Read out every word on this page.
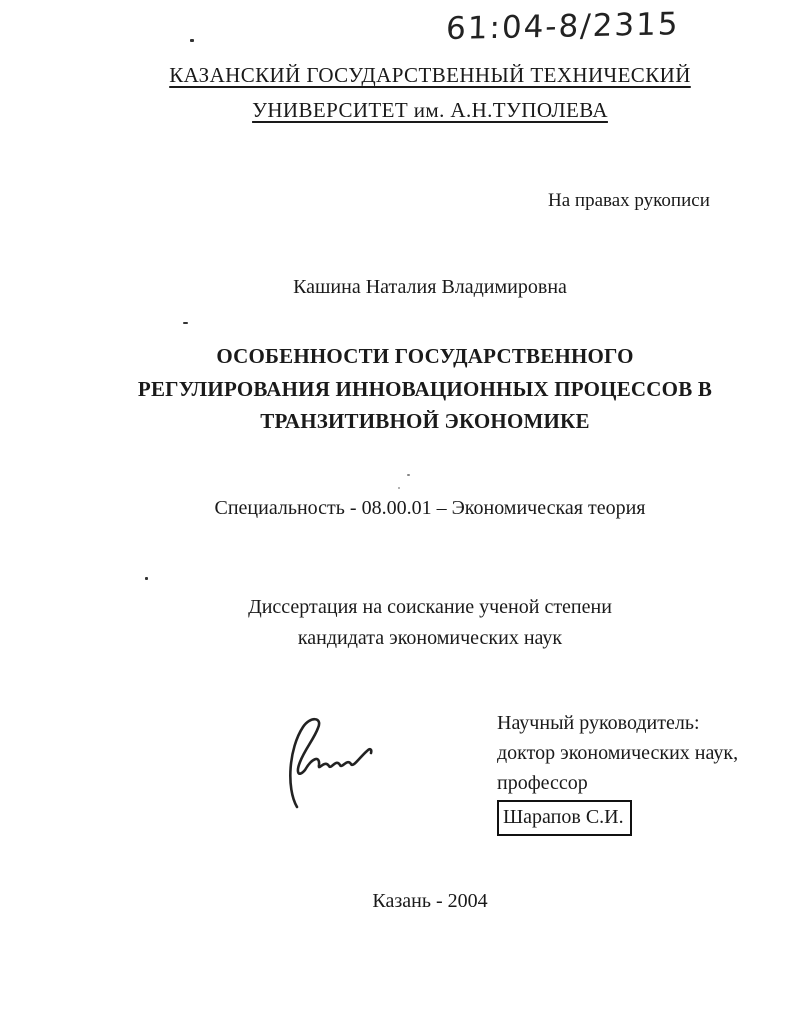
61:04-8/2315
КАЗАНСКИЙ ГОСУДАРСТВЕННЫЙ ТЕХНИЧЕСКИЙ
УНИВЕРСИТЕТ им. А.Н.ТУПОЛЕВА
На правах рукописи
Кашина Наталия Владимировна
ОСОБЕННОСТИ ГОСУДАРСТВЕННОГО
РЕГУЛИРОВАНИЯ ИННОВАЦИОННЫХ ПРОЦЕССОВ В
ТРАНЗИТИВНОЙ ЭКОНОМИКЕ
Специальность - 08.00.01 – Экономическая теория
Диссертация на соискание ученой степени
кандидата экономических наук
Научный руководитель:
доктор экономических наук,
профессор
Шарапов С.И.
Казань - 2004
